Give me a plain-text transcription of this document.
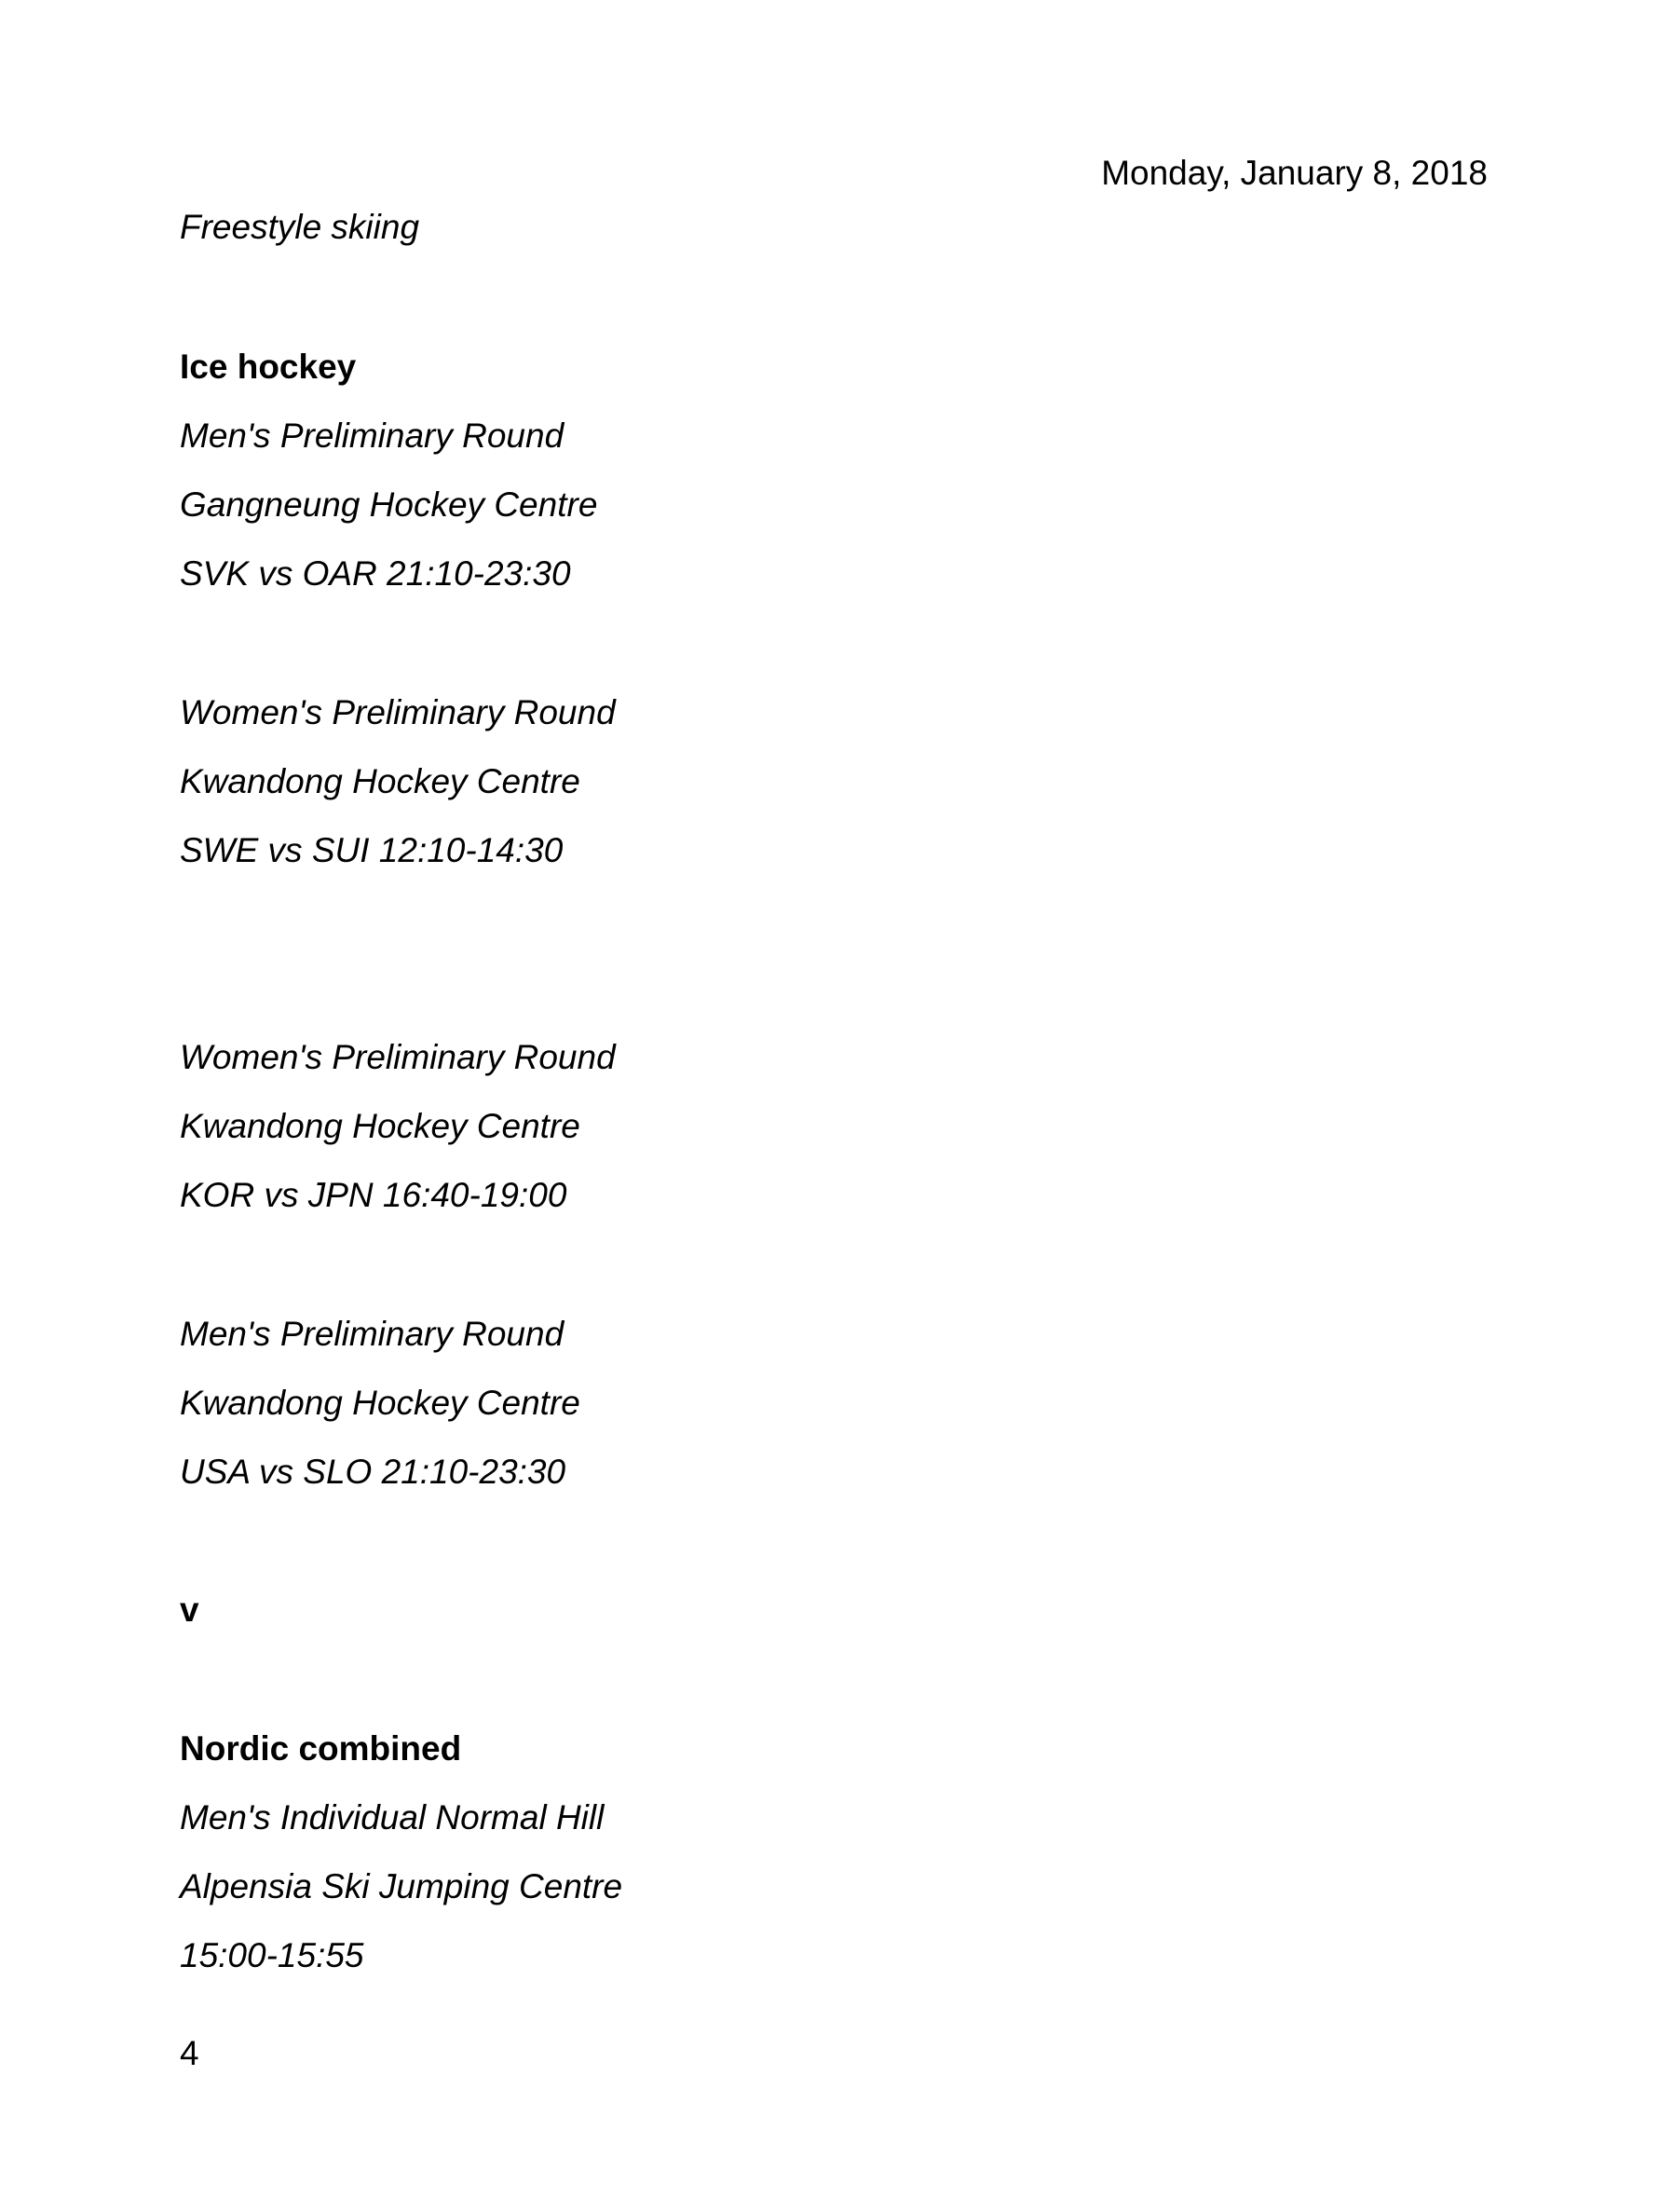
Monday, January 8, 2018
Freestyle skiing
Ice hockey
Men's Preliminary Round
Gangneung Hockey Centre
SVK vs OAR 21:10-23:30
Women's Preliminary Round
Kwandong Hockey Centre
SWE vs SUI 12:10-14:30
Women's Preliminary Round
Kwandong Hockey Centre
KOR vs JPN 16:40-19:00
Men's Preliminary Round
Kwandong Hockey Centre
USA vs SLO 21:10-23:30
v
Nordic combined
Men's Individual Normal Hill
Alpensia Ski Jumping Centre
15:00-15:55
4
